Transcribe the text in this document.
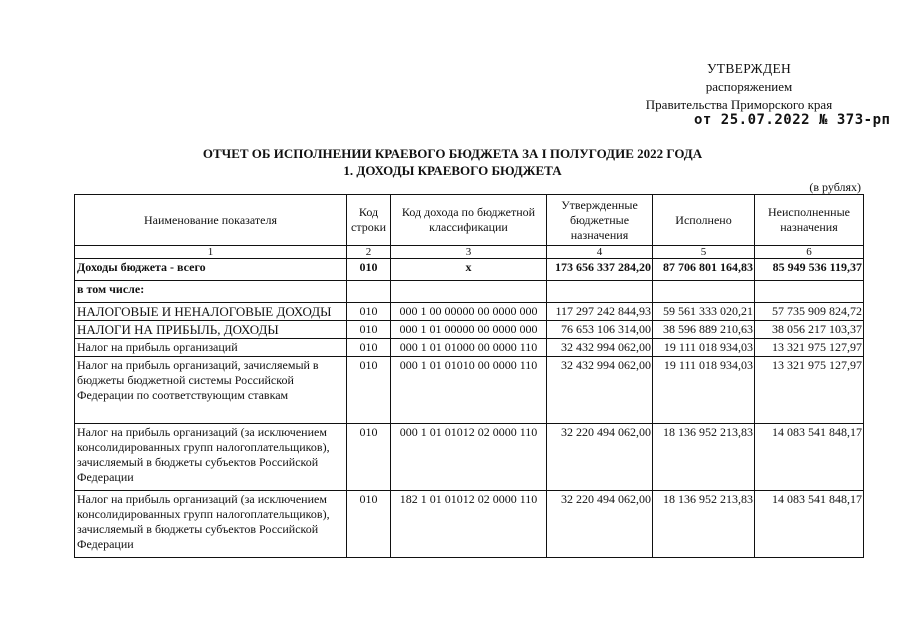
УТВЕРЖДЕН
распоряжением
Правительства Приморского края
от 25.07.2022 № 373-рп
ОТЧЕТ ОБ ИСПОЛНЕНИИ КРАЕВОГО БЮДЖЕТА ЗА I ПОЛУГОДИЕ 2022 ГОДА
1. ДОХОДЫ КРАЕВОГО БЮДЖЕТА
(в рублях)
Наименование показателя	Код строки	Код дохода по бюджетной классификации	Утвержденные бюджетные назначения	Исполнено	Неисполненные назначения
1	2	3	4	5	6
Доходы бюджета - всего	010	x	173 656 337 284,20	87 706 801 164,83	85 949 536 119,37
в том числе:					
НАЛОГОВЫЕ И НЕНАЛОГОВЫЕ ДОХОДЫ	010	000 1 00 00000 00 0000 000	117 297 242 844,93	59 561 333 020,21	57 735 909 824,72
НАЛОГИ НА ПРИБЫЛЬ, ДОХОДЫ	010	000 1 01 00000 00 0000 000	76 653 106 314,00	38 596 889 210,63	38 056 217 103,37
Налог на прибыль организаций	010	000 1 01 01000 00 0000 110	32 432 994 062,00	19 111 018 934,03	13 321 975 127,97
Налог на прибыль организаций, зачисляемый в бюджеты бюджетной системы Российской Федерации по соответствующим ставкам	010	000 1 01 01010 00 0000 110	32 432 994 062,00	19 111 018 934,03	13 321 975 127,97
Налог на прибыль организаций (за исключением консолидированных групп налогоплательщиков), зачисляемый в бюджеты субъектов Российской Федерации	010	000 1 01 01012 02 0000 110	32 220 494 062,00	18 136 952 213,83	14 083 541 848,17
Налог на прибыль организаций (за исключением консолидированных групп налогоплательщиков), зачисляемый в бюджеты субъектов Российской Федерации	010	182 1 01 01012 02 0000 110	32 220 494 062,00	18 136 952 213,83	14 083 541 848,17
